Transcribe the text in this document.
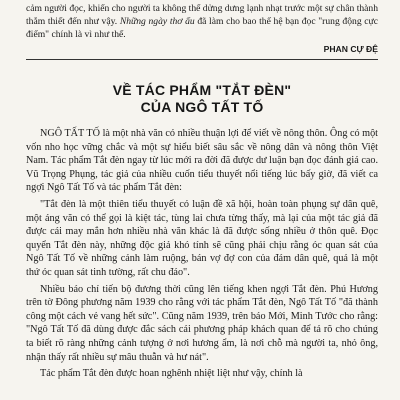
cảm người đọc, khiến cho người ta không thể dửng dưng lạnh nhạt trước một sự chân thành thắm thiết đến như vậy. Những ngày thơ ấu đã làm cho bao thế hệ bạn đọc "rung động cực điểm" chính là vì như thế.

PHAN CỰ ĐỆ
VỀ TÁC PHẨM "TẮT ĐÈN"
CỦA NGÔ TẤT TỐ

NGÔ TẤT TỐ là một nhà văn có nhiều thuận lợi để viết về nông thôn. Ông có một vốn nho học vững chắc và một sự hiểu biết sâu sắc về nông dân và nông thôn Việt Nam. Tác phẩm Tắt đèn ngay từ lúc mới ra đời đã được dư luận bạn đọc đánh giá cao. Vũ Trọng Phụng, tác giả của nhiều cuốn tiểu thuyết nổi tiếng lúc bấy giờ, đã viết ca ngợi Ngô Tất Tố và tác phẩm Tắt đèn:

"Tắt đèn là một thiên tiểu thuyết có luận đề xã hội, hoàn toàn phụng sự dân quê, một áng văn có thể gọi là kiệt tác, tùng lai chưa từng thấy, mà lại của một tác giả đã được cái may mắn hơn nhiều nhà văn khác là đã được sống nhiều ở thôn quê. Đọc quyển Tắt đèn này, những độc giả khó tính sẽ cũng phải chịu rằng óc quan sát của Ngô Tất Tố về những cảnh làm ruộng, bán vợ đợ con của đám dân quê, quả là một thứ óc quan sát tinh tường, rất chu đáo".

Nhiều báo chí tiến bộ đương thời cũng lên tiếng khen ngợi Tắt đèn. Phú Hương trên tờ Đông phương năm 1939 cho rằng với tác phẩm Tắt đèn, Ngô Tất Tố "đã thành công một cách vẻ vang hết sức". Cũng năm 1939, trên báo Mới, Minh Tước cho rằng: "Ngô Tất Tố đã dùng được đắc sách cái phương pháp khách quan để tả rõ cho chúng ta biết rõ ràng những cảnh tượng ở nơi hương ẩm, là nơi chỗ mà người ta, nhỏ ông, nhận thấy rất nhiều sự mâu thuẫn và hư nát".

Tác phẩm Tắt đèn được hoan nghênh nhiệt liệt như vậy, chính là
